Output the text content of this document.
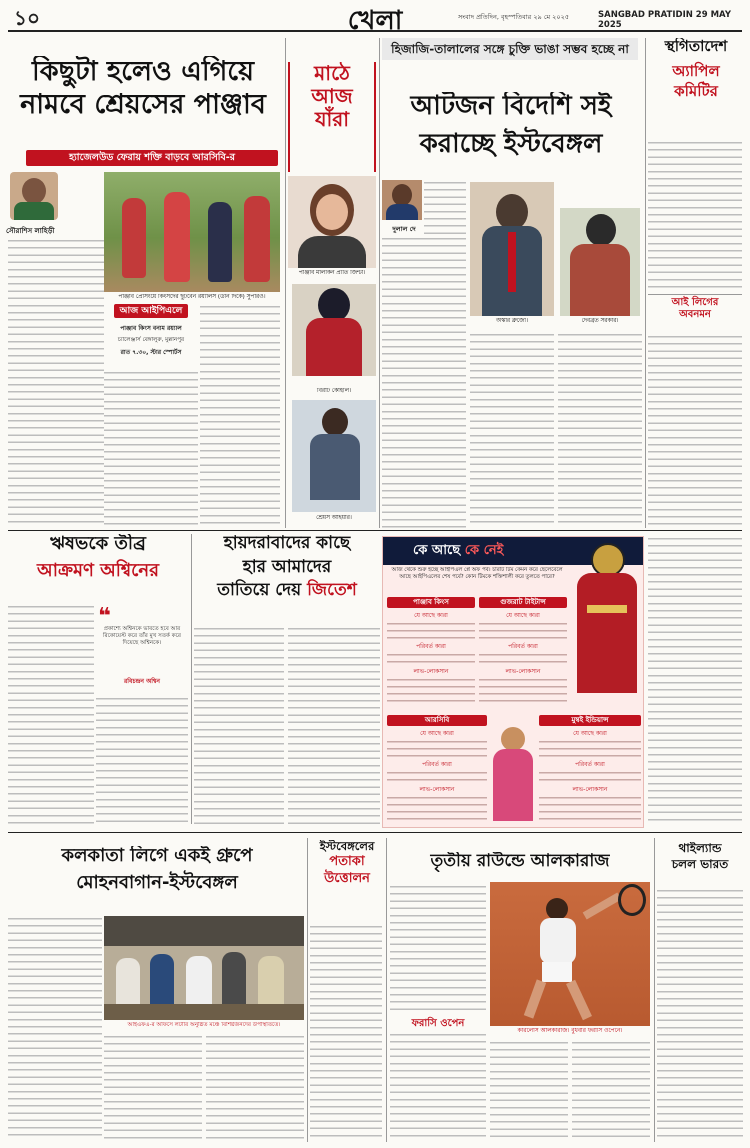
১০	খেলা	সংবাদ প্রতিদিন, বৃহস্পতিবার ২৯ মে ২০২৫	SANGBAD PRATIDIN 29 MAY 2025
কিছুটা হলেও এগিয়ে
নামবে শ্রেয়সের পাঞ্জাব
হ্যাজেলউড ফেরায় শক্তি বাড়বে আরসিবি-র
সৌরাশিস লাহিড়ী
পাঞ্জাব প্রেসিংয়ে কিংসদের ছুটবেন রয়্যালস (ডান দিকে) সুপারও।
আজ আইপিএলে
পাঞ্জাব কিংস বনাম রয়্যাল
চ্যালেঞ্জার্স বেঙ্গালুরু, মুল্লানপুর
রাত ৭.৩০, স্টার স্পোর্টস
মাঠে
আজ
যাঁরা
পাঞ্জাব মালকিন প্রীতি জিন্টা।
বিরাট কোহলি।
শ্রেয়স আইয়ার।
হিজাজি-তালালের সঙ্গে চুক্তি ভাঙা সম্ভব হচ্ছে না
আটজন বিদেশি সই
করাচ্ছে ইস্টবেঙ্গল
দুলাল দে
অস্কার ব্রুজো।	দেবব্রত সরকার।
স্থগিতাদেশ
অ্যাপিল
কমিটির
আই লিগের
অবনমন
ঋষভকে তীব্র
আক্রমণ অশ্বিনের
❝
প্রকাশ্যে অশ্বিনকে ভাবতে হবে আর রিকোয়েস্ট করে তাঁর মুখ সতর্ক করে দিয়েছে অশ্বিনকে।
রবিচন্দ্রন অশ্বিন
হায়দরাবাদের কাছে
হার আমাদের
তাতিয়ে দেয় জিতেশ
কে আছে কে নেই
আজ থেকে শুরু হচ্ছে আইপিএল প্লে অফ পর্ব। চারটি টিম কেমন করে ছেলেবেলে আছে আইপিএলের শেষ পর্বে? কোন টিমকে শক্তিশালী করে তুলতে পারে?
পাঞ্জাব কিংস
যে আছে কারা
পরিবর্ত কারা
লাভ-লোকসান
গুজরাট টাইটান্স
যে আছে কারা
পরিবর্ত কারা
লাভ-লোকসান
আরসিবি
যে আছে কারা
পরিবর্ত কারা
লাভ-লোকসান
মুম্বই ইন্ডিয়ান্স
যে আছে কারা
পরিবর্ত কারা
লাভ-লোকসান
কলকাতা লিগে একই গ্রুপে
মোহনবাগান-ইস্টবেঙ্গল
আইএফএ-র অফিসে লটারি অনুষ্ঠিত মঞ্চে বিশিষ্টজনদের উপস্থিতিতে।
ইস্টবেঙ্গলের
পতাকা
উত্তোলন
তৃতীয় রাউন্ডে আলকারাজ
ফরাসি ওপেন
কারলোস আলকারাজ। বুধবার ফরাসি ওপেনে।
থাইল্যান্ড
চলল ভারত
